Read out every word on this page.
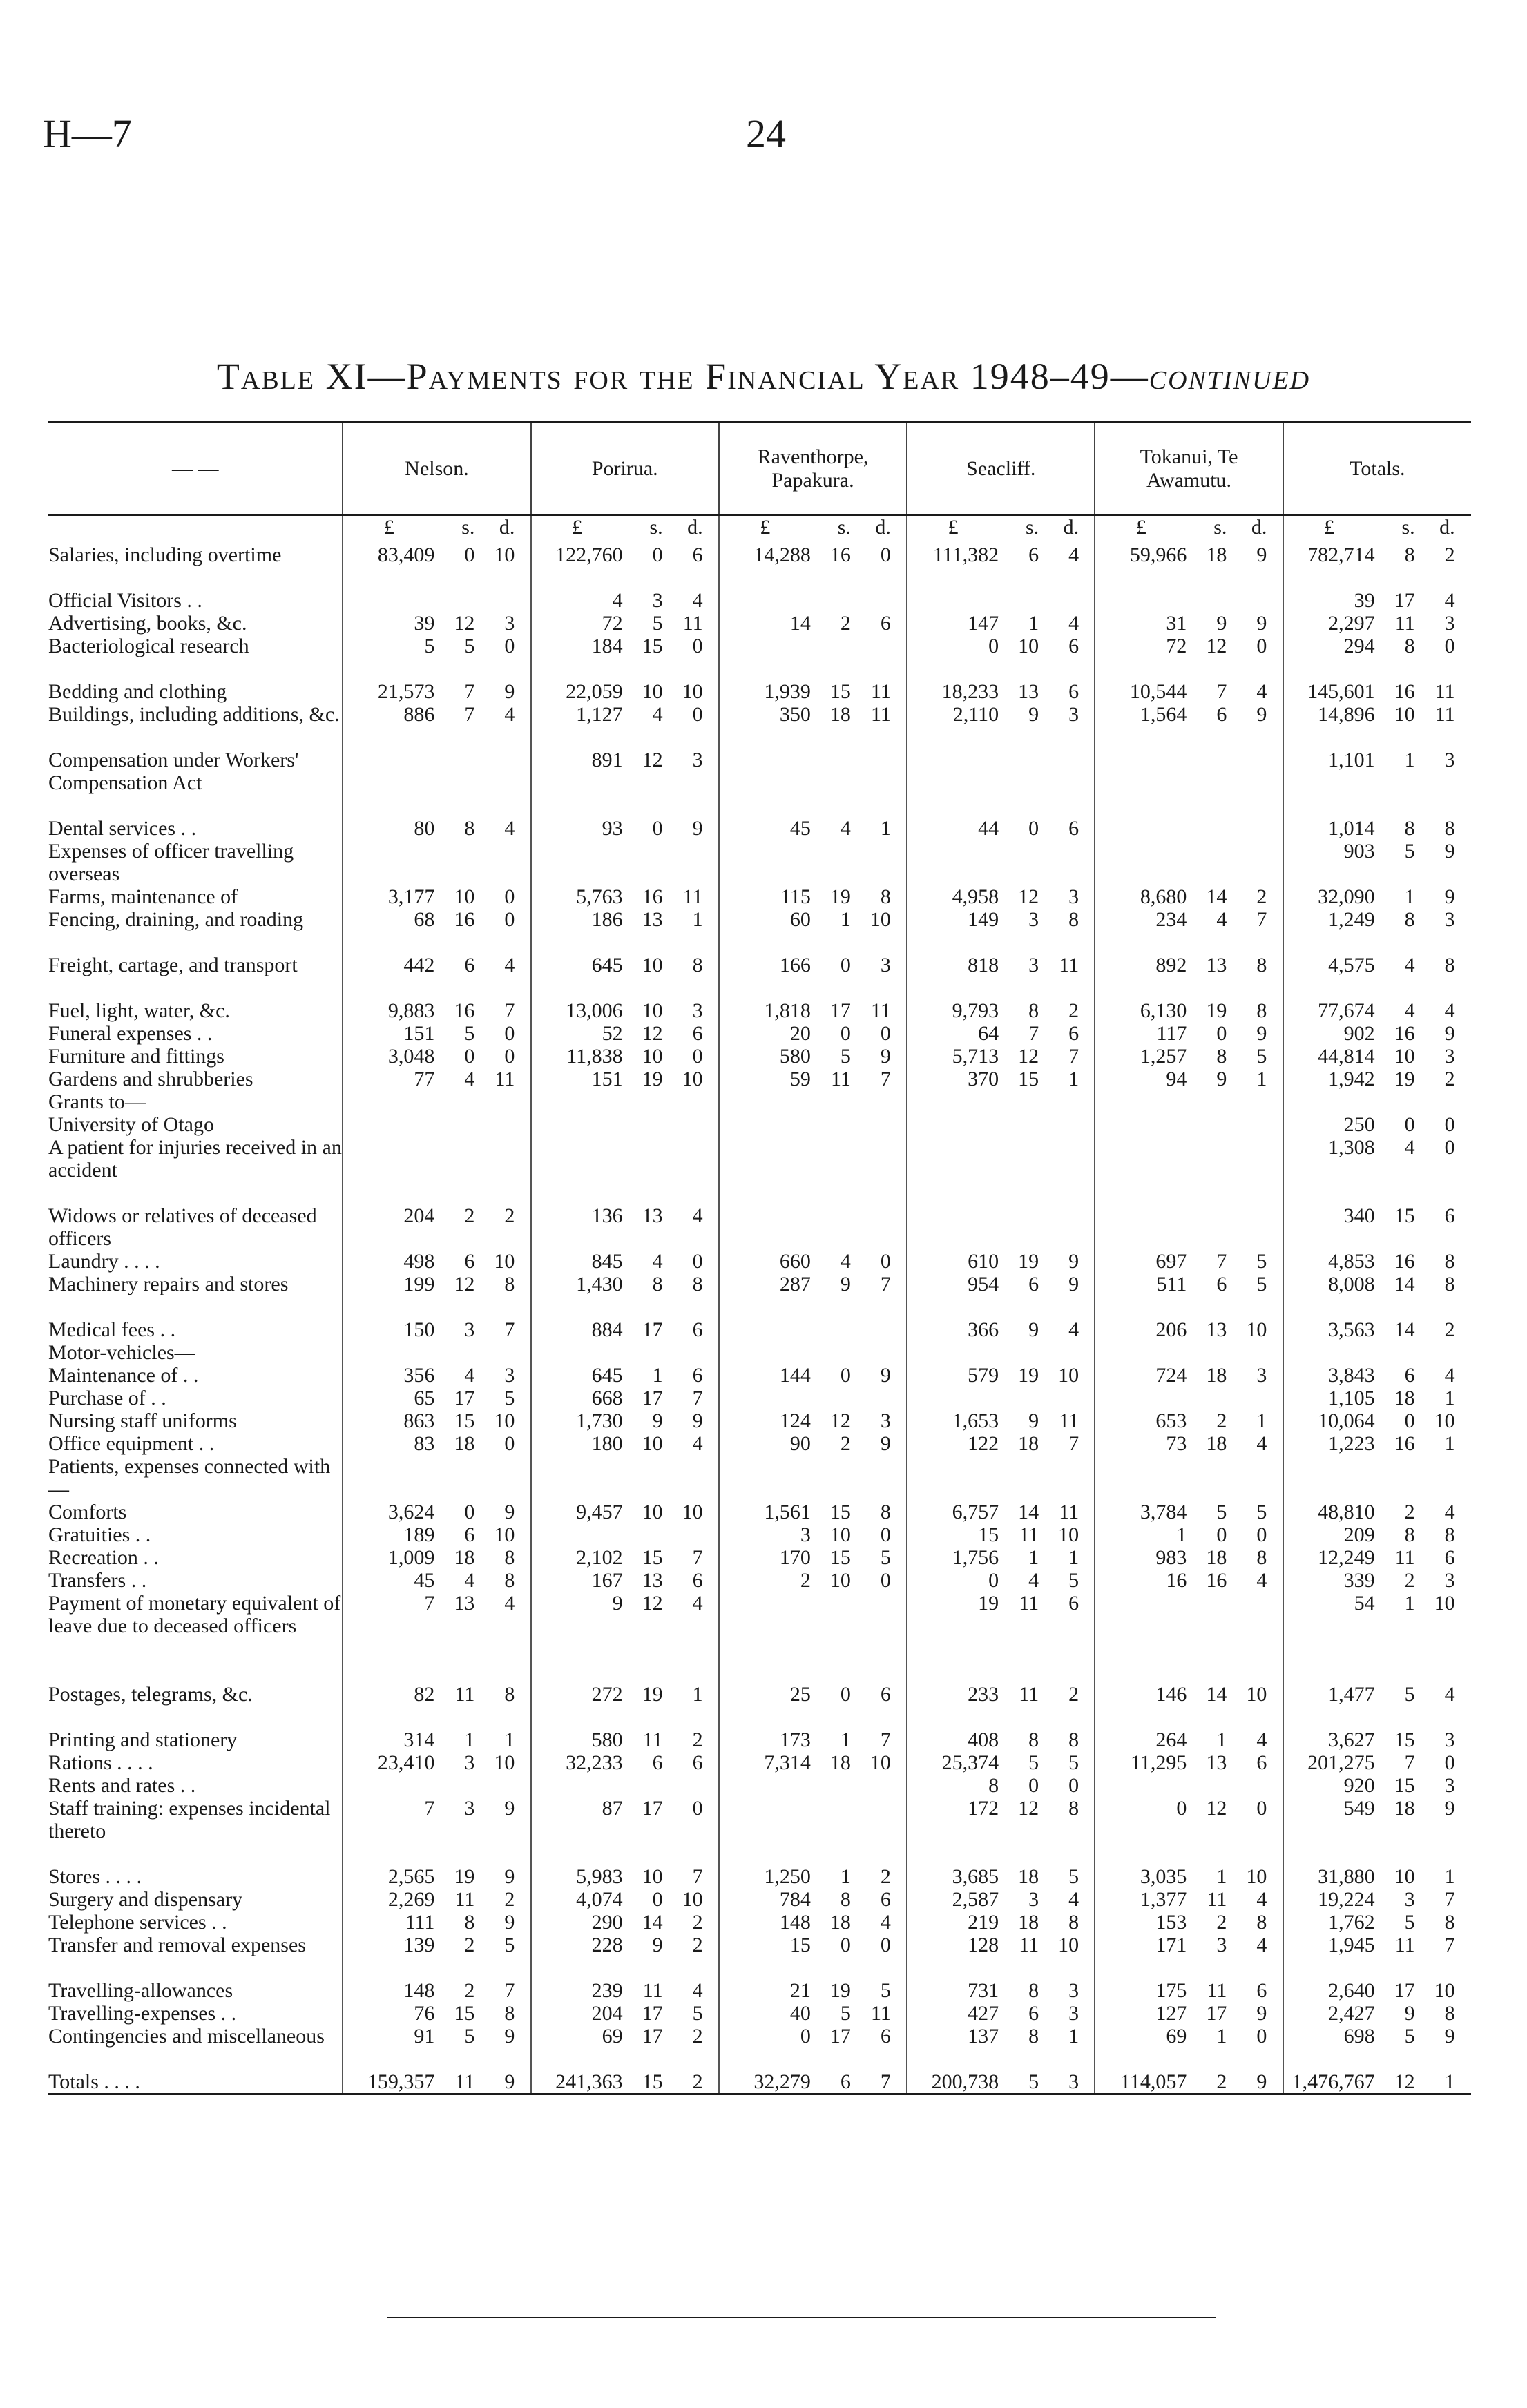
H—7	24
Table XI—Payments for the Financial Year 1948–49—continued
— —	Nelson.	Porirua.	Raventhorpe, Papakura.	Seacliff.	Tokanui, Te Awamutu.	Totals.

	£ s. d.	£ s. d.	£ s. d.	£ s. d.	£ s. d.	£ s. d.

Salaries, including overtime	83,409 0 10	122,760 0 6	14,288 16 0	111,382 6 4	59,966 18 9	782,714 8 2

Official Visitors . .		4 3 4				39 17 4

Advertising, books, &c.	39 12 3	72 5 11	14 2 6	147 1 4	31 9 9	2,297 11 3

Bacteriological research	5 5 0	184 15 0		0 10 6	72 12 0	294 8 0

Bedding and clothing	21,573 7 9	22,059 10 10	1,939 15 11	18,233 13 6	10,544 7 4	145,601 16 11

Buildings, including additions, &c.	886 7 4	1,127 4 0	350 18 11	2,110 9 3	1,564 6 9	14,896 10 11

Compensation under Workers' Compensation Act		891 12 3				1,101 1 3

Dental services . .	80 8 4	93 0 9	45 4 1	44 0 6		1,014 8 8

Expenses of officer travelling overseas						903 5 9

Farms, maintenance of	3,177 10 0	5,763 16 11	115 19 8	4,958 12 3	8,680 14 2	32,090 1 9

Fencing, draining, and roading	68 16 0	186 13 1	60 1 10	149 3 8	234 4 7	1,249 8 3

Freight, cartage, and transport	442 6 4	645 10 8	166 0 3	818 3 11	892 13 8	4,575 4 8

Fuel, light, water, &c.	9,883 16 7	13,006 10 3	1,818 17 11	9,793 8 2	6,130 19 8	77,674 4 4

Funeral expenses . .	151 5 0	52 12 6	20 0 0	64 7 6	117 0 9	902 16 9

Furniture and fittings	3,048 0 0	11,838 10 0	580 5 9	5,713 12 7	1,257 8 5	44,814 10 3

Gardens and shrubberies	77 4 11	151 19 10	59 11 7	370 15 1	94 9 1	1,942 19 2

Grants to—	

University of Otago						250 0 0

A patient for injuries received in an accident						1,308 4 0

Widows or relatives of deceased officers	204 2 2	136 13 4				340 15 6

Laundry . . . .	498 6 10	845 4 0	660 4 0	610 19 9	697 7 5	4,853 16 8

Machinery repairs and stores	199 12 8	1,430 8 8	287 9 7	954 6 9	511 6 5	8,008 14 8

Medical fees . .	150 3 7	884 17 6		366 9 4	206 13 10	3,563 14 2

Motor-vehicles—	

Maintenance of . .	356 4 3	645 1 6	144 0 9	579 19 10	724 18 3	3,843 6 4

Purchase of . .	65 17 5	668 17 7				1,105 18 1

Nursing staff uniforms	863 15 10	1,730 9 9	124 12 3	1,653 9 11	653 2 1	10,064 0 10

Office equipment . .	83 18 0	180 10 4	90 2 9	122 18 7	73 18 4	1,223 16 1

Patients, expenses connected with—	

Comforts	3,624 0 9	9,457 10 10	1,561 15 8	6,757 14 11	3,784 5 5	48,810 2 4

Gratuities . .	189 6 10		3 10 0	15 11 10	1 0 0	209 8 8

Recreation . .	1,009 18 8	2,102 15 7	170 15 5	1,756 1 1	983 18 8	12,249 11 6

Transfers . .	45 4 8	167 13 6	2 10 0	0 4 5	16 16 4	339 2 3

Payment of monetary equivalent of leave due to deceased officers	7 13 4	9 12 4		19 11 6		54 1 10

Postages, telegrams, &c.	82 11 8	272 19 1	25 0 6	233 11 2	146 14 10	1,477 5 4

Printing and stationery	314 1 1	580 11 2	173 1 7	408 8 8	264 1 4	3,627 15 3

Rations . . . .	23,410 3 10	32,233 6 6	7,314 18 10	25,374 5 5	11,295 13 6	201,275 7 0

Rents and rates . .				8 0 0		920 15 3

Staff training: expenses incidental thereto	7 3 9	87 17 0		172 12 8	0 12 0	549 18 9

Stores . . . .	2,565 19 9	5,983 10 7	1,250 1 2	3,685 18 5	3,035 1 10	31,880 10 1

Surgery and dispensary	2,269 11 2	4,074 0 10	784 8 6	2,587 3 4	1,377 11 4	19,224 3 7

Telephone services . .	111 8 9	290 14 2	148 18 4	219 18 8	153 2 8	1,762 5 8

Transfer and removal expenses	139 2 5	228 9 2	15 0 0	128 11 10	171 3 4	1,945 11 7

Travelling-allowances	148 2 7	239 11 4	21 19 5	731 8 3	175 11 6	2,640 17 10

Travelling-expenses . .	76 15 8	204 17 5	40 5 11	427 6 3	127 17 9	2,427 9 8

Contingencies and miscellaneous	91 5 9	69 17 2	0 17 6	137 8 1	69 1 0	698 5 9

Totals . . . .	159,357 11 9	241,363 15 2	32,279 6 7	200,738 5 3	114,057 2 9	1,476,767 12 1
